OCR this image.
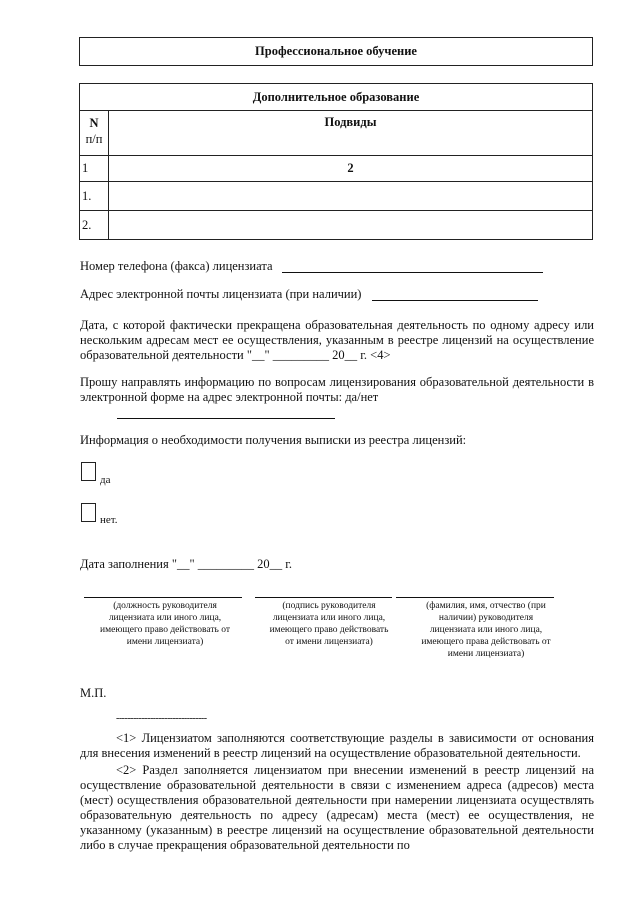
Профессиональное обучение
Дополнительное образование	

N
п/п	Подвиды
1	2
1.	
2.	
Номер телефона (факса) лицензиата
Адрес электронной почты лицензиата (при наличии)
Дата, с которой фактически прекращена образовательная деятельность по одному адресу или нескольким адресам мест ее осуществления, указанным в реестре лицензий на осуществление образовательной деятельности "__" _________ 20__ г. <4>
Прошу направлять информацию по вопросам лицензирования образовательной деятельности в электронной форме на адрес электронной почты: да/нет
Информация о необходимости получения выписки из реестра лицензий:
да
нет.
Дата заполнения "__" _________ 20__ г.
(должность руководителя лицензиата или иного лица, имеющего право действовать от имени лицензиата)
(подпись руководителя лицензиата или иного лица, имеющего право действовать от имени лицензиата)
(фамилия, имя, отчество (при наличии) руководителя лицензиата или иного лица, имеющего права действовать от имени лицензиата)
М.П.
--------------------------------
<1> Лицензиатом заполняются соответствующие разделы в зависимости от основания для внесения изменений в реестр лицензий на осуществление образовательной деятельности.
<2> Раздел заполняется лицензиатом при внесении изменений в реестр лицензий на осуществление образовательной деятельности в связи с изменением адреса (адресов) места (мест) осуществления образовательной деятельности при намерении лицензиата осуществлять образовательную деятельность по адресу (адресам) места (мест) ее осуществления, не указанному (указанным) в реестре лицензий на осуществление образовательной деятельности либо в случае прекращения образовательной деятельности по
